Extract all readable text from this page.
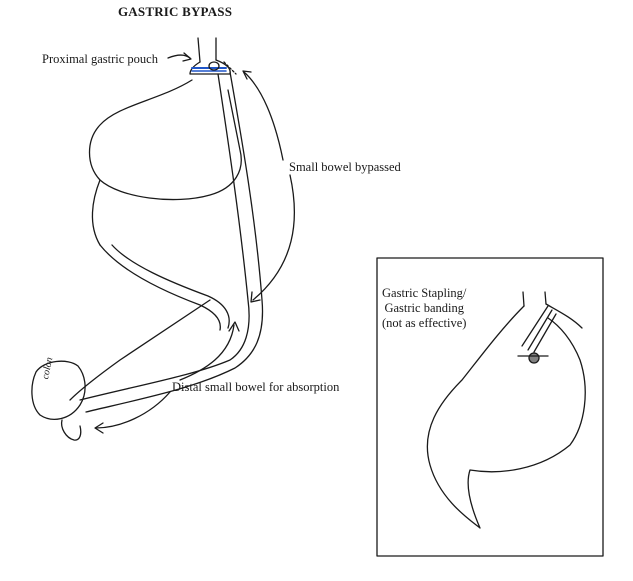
GASTRIC BYPASS
Proximal gastric pouch
Small bowel bypassed
Distal small bowel for absorption
colon
Gastric Stapling/
Gastric banding
(not as effective)
